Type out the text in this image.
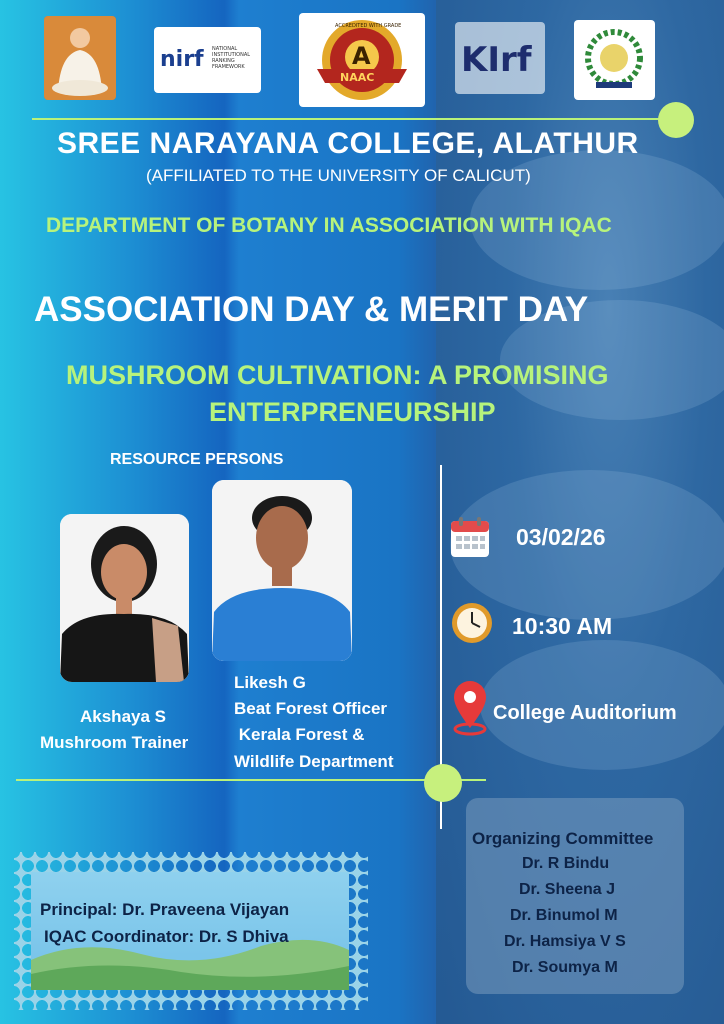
nirf NATIONAL
INSTITUTIONAL
RANKING
FRAMEWORK	A
NAAC
ACCREDITED WITH GRADE
KIrf
SREE NARAYANA COLLEGE, ALATHUR
(AFFILIATED TO THE UNIVERSITY OF CALICUT)
DEPARTMENT OF BOTANY IN ASSOCIATION WITH IQAC
ASSOCIATION DAY & MERIT DAY
MUSHROOM CULTIVATION: A PROMISING
ENTERPRENEURSHIP
RESOURCE PERSONS
Akshaya S
Mushroom Trainer
Likesh G
Beat Forest Officer
Kerala Forest &
Wildlife Department
03/02/26
10:30 AM
College Auditorium
Principal: Dr. Praveena Vijayan
IQAC Coordinator: Dr. S Dhiva
Organizing Committee
Dr. R Bindu
Dr. Sheena J
Dr. Binumol M
Dr. Hamsiya V S
Dr. Soumya M
